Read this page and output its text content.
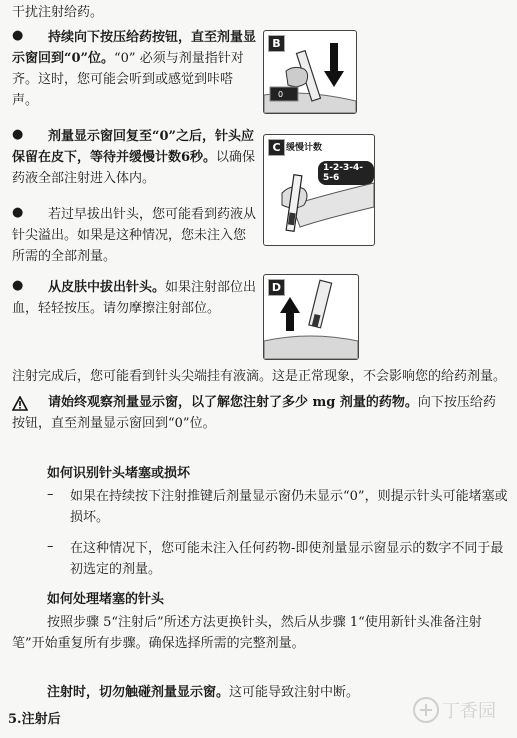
干扰注射给药。
●	持续向下按压给药按钮，直至剂量显示窗回到“0”位。“0” 必须与剂量指针对齐。这时，您可能会听到或感觉到咔嗒声。
B
0
●	剂量显示窗回复至“0”之后，针头应保留在皮下，等待并缓慢计数6秒。以确保药液全部注射进入体内。
C 缓慢计数
1-2-3-4-5-6
●	若过早拔出针头，您可能看到药液从针尖溢出。如果是这种情况，您未注入您所需的全部剂量。
●	从皮肤中拔出针头。如果注射部位出血，轻轻按压。请勿摩擦注射部位。
D
注射完成后，您可能看到针头尖端挂有液滴。这是正常现象，不会影响您的给药剂量。
请始终观察剂量显示窗，以了解您注射了多少 mg 剂量的药物。向下按压给药按钮，直至剂量显示窗回到“0”位。
如何识别针头堵塞或损坏
– 如果在持续按下注射推键后剂量显示窗仍未显示“0”，则提示针头可能堵塞或损坏。
– 在这种情况下，您可能未注入任何药物-即使剂量显示窗显示的数字不同于最初选定的剂量。
如何处理堵塞的针头
按照步骤 5“注射后”所述方法更换针头，然后从步骤 1“使用新针头准备注射笔”开始重复所有步骤。确保选择所需的完整剂量。
注射时，切勿触碰剂量显示窗。这可能导致注射中断。
5.注射后	丁香园
